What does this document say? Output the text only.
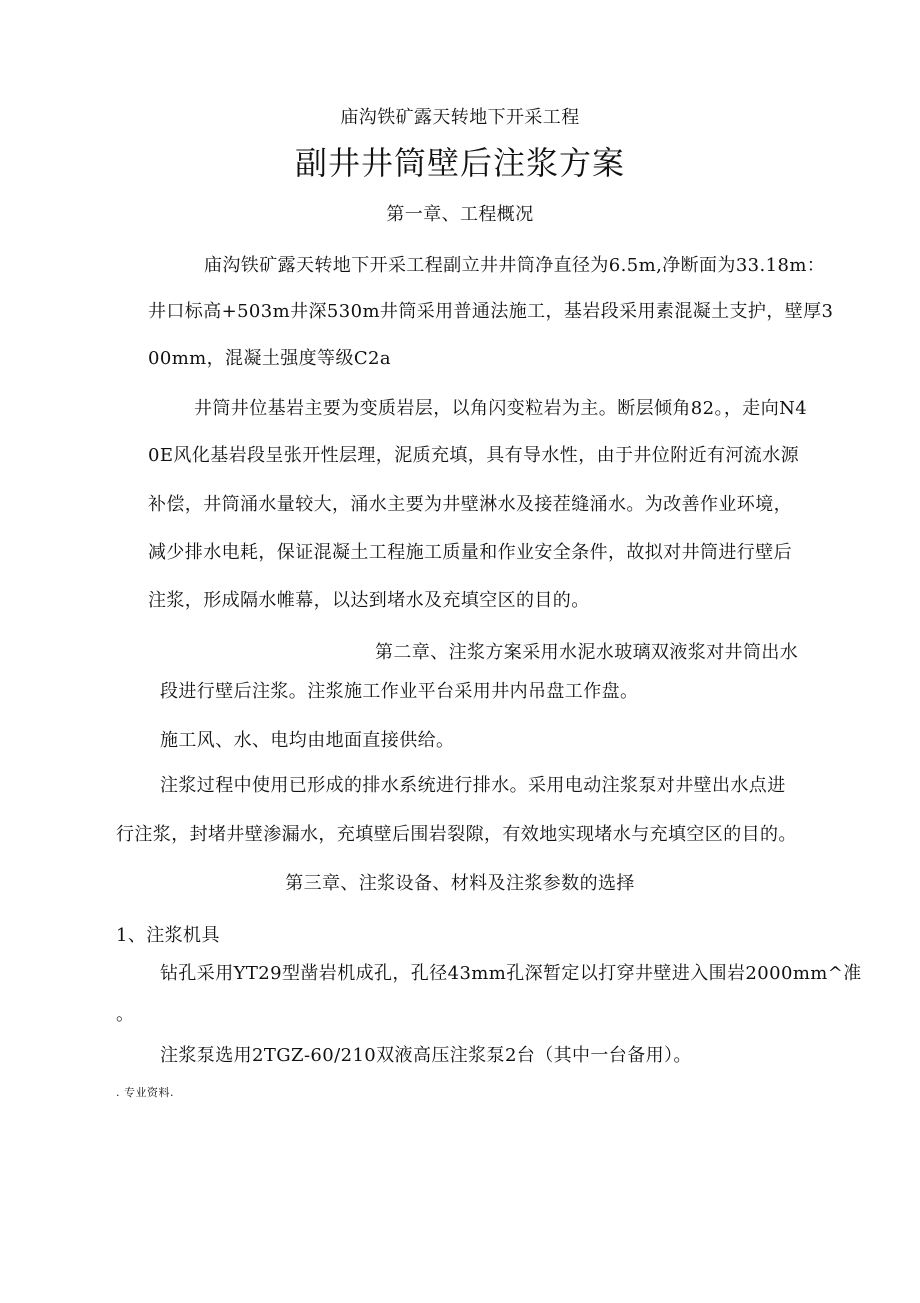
庙沟铁矿露天转地下开采工程
副井井筒壁后注浆方案
第一章、工程概况
庙沟铁矿露天转地下开采工程副立井井筒净直径为6.5m,净断面为33.18m：
井口标高+503m井深530m井筒采用普通法施工，基岩段采用素混凝土支护，壁厚3
00mm，混凝土强度等级C2a
井筒井位基岩主要为变质岩层，以角闪变粒岩为主。断层倾角82。，走向N4
0E风化基岩段呈张开性层理，泥质充填，具有导水性，由于井位附近有河流水源
补偿，井筒涌水量较大，涌水主要为井壁淋水及接茬缝涌水。为改善作业环境，
减少排水电耗，保证混凝土工程施工质量和作业安全条件，故拟对井筒进行壁后
注浆，形成隔水帷幕，以达到堵水及充填空区的目的。
第二章、注浆方案采用水泥水玻璃双液浆对井筒出水
段进行壁后注浆。注浆施工作业平台采用井内吊盘工作盘。
施工风、水、电均由地面直接供给。
注浆过程中使用已形成的排水系统进行排水。采用电动注浆泵对井壁出水点进
行注浆，封堵井壁渗漏水，充填壁后围岩裂隙，有效地实现堵水与充填空区的目的。
第三章、注浆设备、材料及注浆参数的选择
1、注浆机具
钻孔采用YT29型凿岩机成孔，孔径43mm孔深暂定以打穿井壁进入围岩2000mm^准
。
注浆泵选用2TGZ-60/210双液高压注浆泵2台（其中一台备用）。
. 专业资料.
